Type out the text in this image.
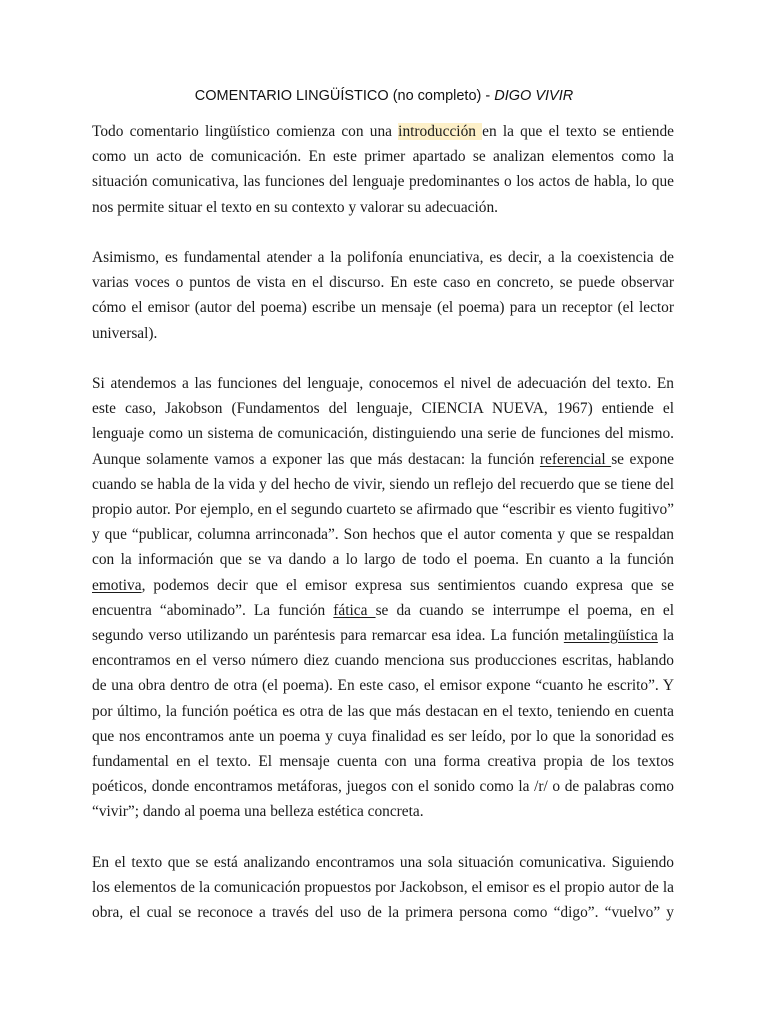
COMENTARIO LINGÜÍSTICO (no completo) - DIGO VIVIR

Todo comentario lingüístico comienza con una introducción en la que el texto se entiende como un acto de comunicación. En este primer apartado se analizan elementos como la situación comunicativa, las funciones del lenguaje predominantes o los actos de habla, lo que nos permite situar el texto en su contexto y valorar su adecuación.

Asimismo, es fundamental atender a la polifonía enunciativa, es decir, a la coexistencia de varias voces o puntos de vista en el discurso. En este caso en concreto, se puede observar cómo el emisor (autor del poema) escribe un mensaje (el poema) para un receptor (el lector universal).

Si atendemos a las funciones del lenguaje, conocemos el nivel de adecuación del texto. En este caso, Jakobson (Fundamentos del lenguaje, CIENCIA NUEVA, 1967) entiende el lenguaje como un sistema de comunicación, distinguiendo una serie de funciones del mismo. Aunque solamente vamos a exponer las que más destacan: la función referencial se expone cuando se habla de la vida y del hecho de vivir, siendo un reflejo del recuerdo que se tiene del propio autor. Por ejemplo, en el segundo cuarteto se afirmado que “escribir es viento fugitivo” y que “publicar, columna arrinconada”. Son hechos que el autor comenta y que se respaldan con la información que se va dando a lo largo de todo el poema. En cuanto a la función emotiva, podemos decir que el emisor expresa sus sentimientos cuando expresa que se encuentra “abominado”. La función fática se da cuando se interrumpe el poema, en el segundo verso utilizando un paréntesis para remarcar esa idea. La función metalingüística la encontramos en el verso número diez cuando menciona sus producciones escritas, hablando de una obra dentro de otra (el poema). En este caso, el emisor expone “cuanto he escrito”. Y por último, la función poética es otra de las que más destacan en el texto, teniendo en cuenta que nos encontramos ante un poema y cuya finalidad es ser leído, por lo que la sonoridad es fundamental en el texto. El mensaje cuenta con una forma creativa propia de los textos poéticos, donde encontramos metáforas, juegos con el sonido como la /r/ o de palabras como “vivir”; dando al poema una belleza estética concreta.

En el texto que se está analizando encontramos una sola situación comunicativa. Siguiendo los elementos de la comunicación propuestos por Jackobson, el emisor es el propio autor de la obra, el cual se reconoce a través del uso de la primera persona como “digo”. “vuelvo” y
